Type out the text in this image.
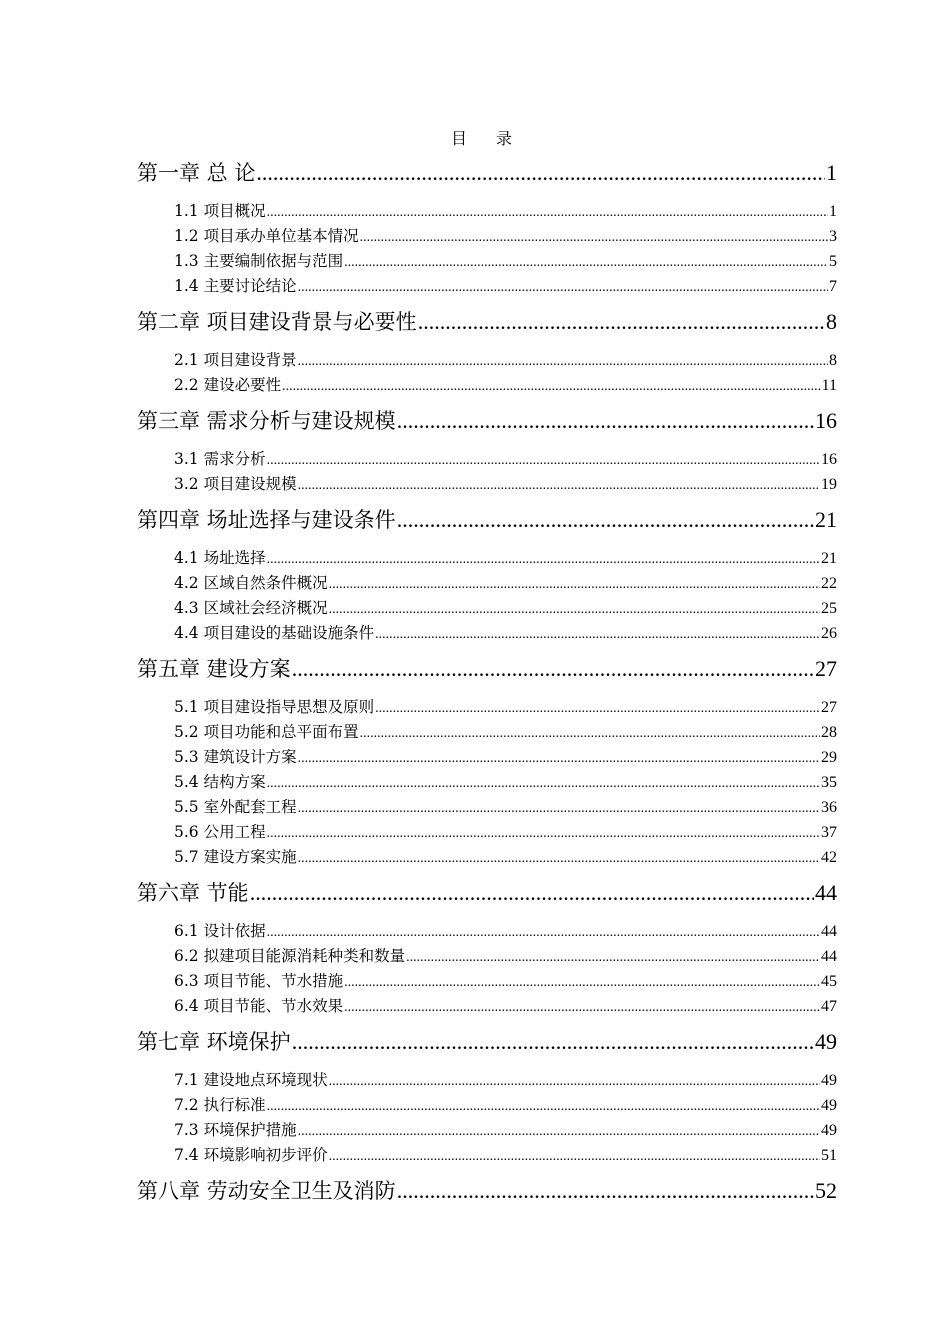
目 录
第一章 总 论 .....	1
1.1 项目概况 .....	1
1.2 项目承办单位基本情况 .....	3
1.3 主要编制依据与范围 .....	5
1.4 主要讨论结论 .....	7
第二章 项目建设背景与必要性 .....	8
2.1 项目建设背景 .....	8
2.2 建设必要性 .....	11
第三章 需求分析与建设规模 .....	16
3.1 需求分析 .....	16
3.2 项目建设规模 .....	19
第四章 场址选择与建设条件 .....	21
4.1 场址选择 .....	21
4.2 区域自然条件概况 .....	22
4.3 区域社会经济概况 .....	25
4.4 项目建设的基础设施条件 .....	26
第五章 建设方案 .....	27
5.1 项目建设指导思想及原则 .....	27
5.2 项目功能和总平面布置 .....	28
5.3 建筑设计方案 .....	29
5.4 结构方案 .....	35
5.5 室外配套工程 .....	36
5.6 公用工程 .....	37
5.7 建设方案实施 .....	42
第六章 节能 .....	44
6.1 设计依据 .....	44
6.2 拟建项目能源消耗种类和数量 .....	44
6.3 项目节能、节水措施 .....	45
6.4 项目节能、节水效果 .....	47
第七章 环境保护 .....	49
7.1 建设地点环境现状 .....	49
7.2 执行标准 .....	49
7.3 环境保护措施 .....	49
7.4 环境影响初步评价 .....	51
第八章 劳动安全卫生及消防 .....	52
